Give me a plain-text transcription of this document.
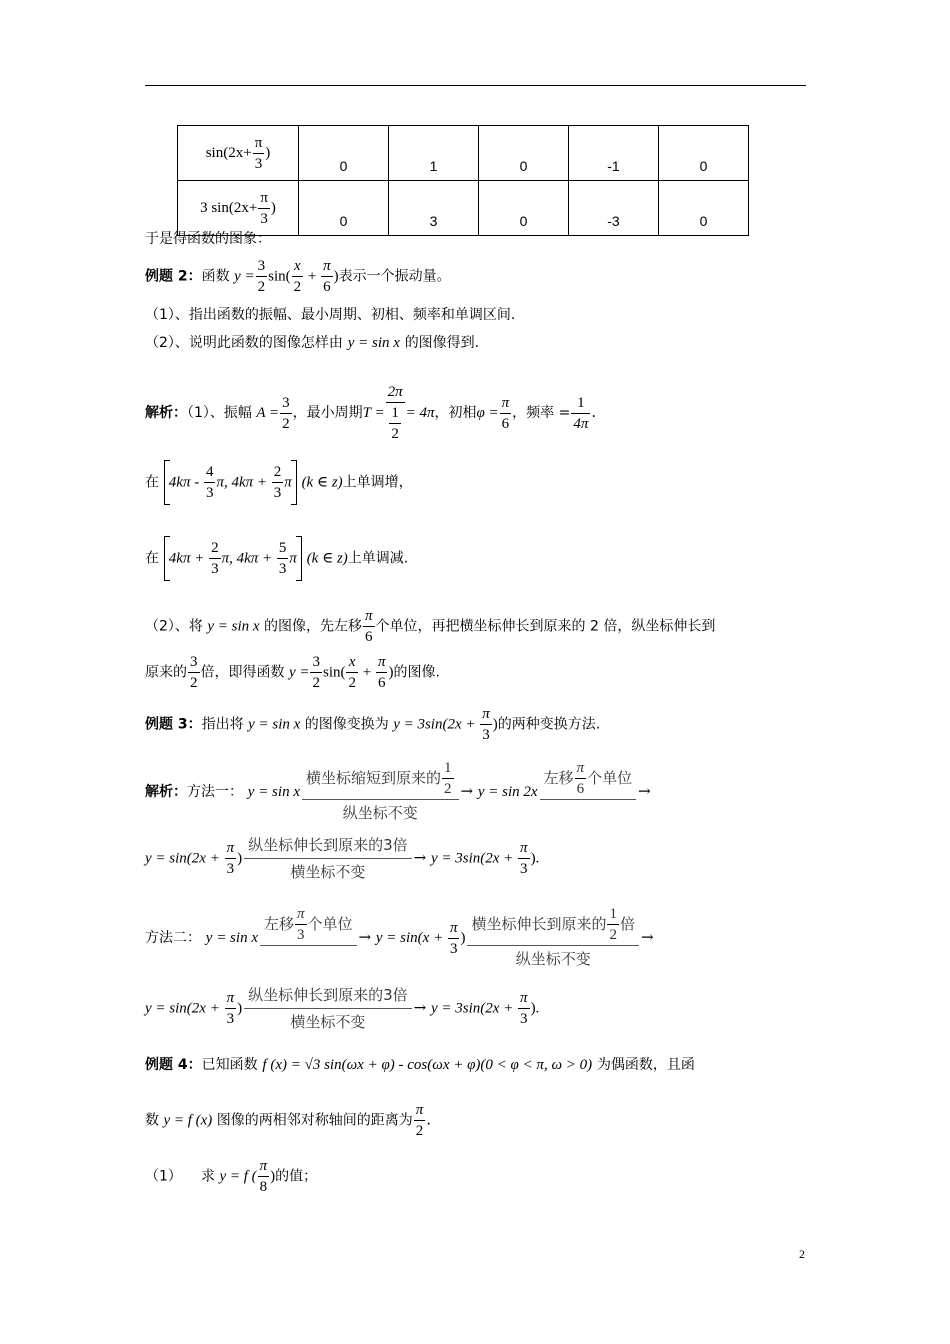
$\sin(2x+ \frac{\pi}{3}$ )	0	1	0	-1	0
3 $\sin(2x+ \frac{\pi}{3}$ )	0	3	0	-3	0
于是得函数的图象：
例题 2：函数 $y = \frac{3}{2} \sin( \frac{x}{2} + \frac{\pi}{6}$ )表示一个振动量。
（1）、指出函数的振幅、最小周期、初相、频率和单调区间.
（2）、说明此函数的图像怎样由 y = sin x 的图像得到.
解析：（1）、振幅 $A = \frac{3}{2}$ ，最小周期$T = \frac{2\pi}{\frac{1}{2}} = 4\pi$，初相$\varphi = \frac{\pi}{6}$ ，频率 = $\frac{1}{4\pi}$ .
在 $4k\pi - \frac{4}{3} \pi$, $4k\pi + \frac{2}{3}$ π (k ∈ z)上单调增，
在 $4k\pi + \frac{2}{3} \pi$, $4k\pi + \frac{5}{3}$ π (k ∈ z)上单调减.
（2）、将 y = sin x 的图像，先左移 $\frac{\pi}{6}$ 个单位，再把横坐标伸长到原来的 2 倍，纵坐标伸长到
原来的 $\frac{3}{2}$ 倍，即得函数 $y = \frac{3}{2} \sin( \frac{x}{2} + \frac{\pi}{6}$ )的图像.
例题 3：指出将 y = sin x 的图像变换为 $y = 3\sin(2x + \frac{\pi}{3}$ )的两种变换方法.
解析：方法一： y = sin x
横坐标缩短到原来的 $\frac{1}{2}$
纵坐标不变
→ y = sin 2x
左移 $\frac{\pi}{6}$ 个单位

→
$y = \sin(2x + \frac{\pi}{3}$ )
纵坐标伸长到原来的3倍
横坐标不变
→ $y = 3\sin(2x + \frac{\pi}{3}$ ).
方法二： y = sin x
左移 $\frac{\pi}{3}$ 个单位

→ $y = \sin(x + \frac{\pi}{3}$ )
横坐标伸长到原来的 $\frac{1}{2}$ 倍
纵坐标不变
→
$y = \sin(2x + \frac{\pi}{3}$ )
纵坐标伸长到原来的3倍
横坐标不变
→ $y = 3\sin(2x + \frac{\pi}{3}$ ).
例题 4：已知函数 f (x) = √3 sin(ωx + φ) - cos(ωx + φ)(0 < φ < π, ω > 0) 为偶函数，且函
数 y = f (x) 图像的两相邻对称轴间的距离为 $\frac{\pi}{2}$ .
（1） 求 y = f ( $\frac{\pi}{8}$ )的值；
2
